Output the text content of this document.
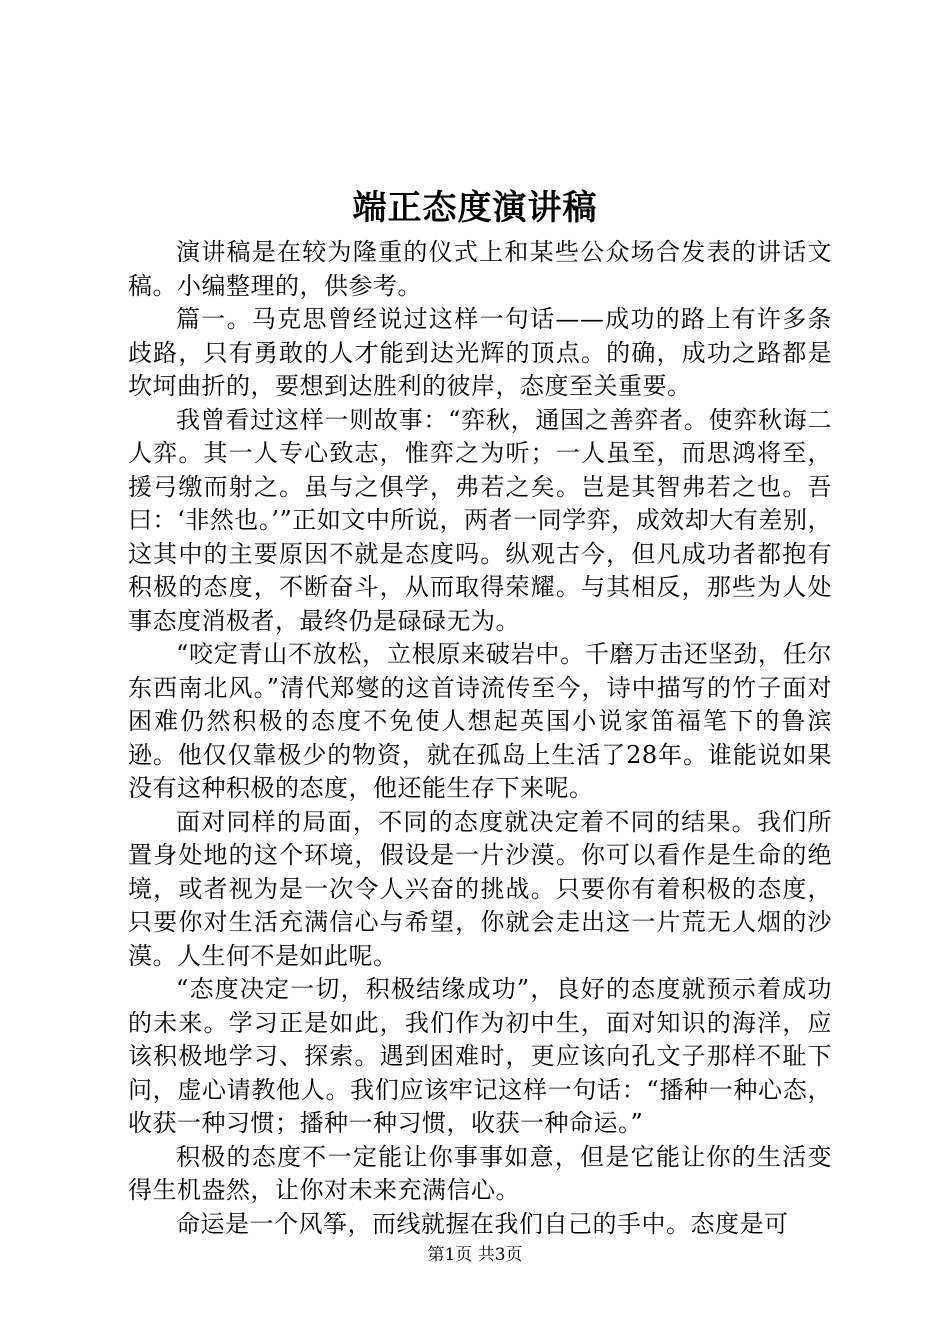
端正态度演讲稿

演讲稿是在较为隆重的仪式上和某些公众场合发表的讲话文稿。小编整理的，供参考。

篇一。马克思曾经说过这样一句话——成功的路上有许多条歧路，只有勇敢的人才能到达光辉的顶点。的确，成功之路都是坎坷曲折的，要想到达胜利的彼岸，态度至关重要。

我曾看过这样一则故事：“弈秋，通国之善弈者。使弈秋诲二人弈。其一人专心致志，惟弈之为听；一人虽至，而思鸿将至，援弓缴而射之。虽与之俱学，弗若之矣。岂是其智弗若之也。吾曰：‘非然也。’”正如文中所说，两者一同学弈，成效却大有差别，这其中的主要原因不就是态度吗。纵观古今，但凡成功者都抱有积极的态度，不断奋斗，从而取得荣耀。与其相反，那些为人处事态度消极者，最终仍是碌碌无为。

“咬定青山不放松，立根原来破岩中。千磨万击还坚劲，任尔东西南北风。”清代郑燮的这首诗流传至今，诗中描写的竹子面对困难仍然积极的态度不免使人想起英国小说家笛福笔下的鲁滨逊。他仅仅靠极少的物资，就在孤岛上生活了28年。谁能说如果没有这种积极的态度，他还能生存下来呢。

面对同样的局面，不同的态度就决定着不同的结果。我们所置身处地的这个环境，假设是一片沙漠。你可以看作是生命的绝境，或者视为是一次令人兴奋的挑战。只要你有着积极的态度，只要你对生活充满信心与希望，你就会走出这一片荒无人烟的沙漠。人生何不是如此呢。

“态度决定一切，积极结缘成功”，良好的态度就预示着成功的未来。学习正是如此，我们作为初中生，面对知识的海洋，应该积极地学习、探索。遇到困难时，更应该向孔文子那样不耻下问，虚心请教他人。我们应该牢记这样一句话：“播种一种心态，收获一种习惯；播种一种习惯，收获一种命运。”

积极的态度不一定能让你事事如意，但是它能让你的生活变得生机盎然，让你对未来充满信心。

命运是一个风筝，而线就握在我们自己的手中。态度是可

第1页 共3页
